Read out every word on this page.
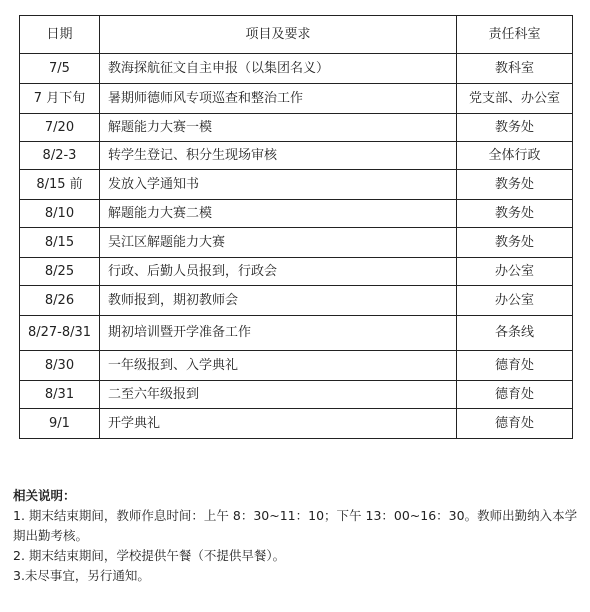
日期	项目及要求	责任科室
7/5	教海探航征文自主申报（以集团名义）	教科室
7 月下旬	暑期师德师风专项巡查和整治工作	党支部、办公室
7/20	解题能力大赛一模	教务处
8/2-3	转学生登记、积分生现场审核	全体行政
8/15 前	发放入学通知书	教务处
8/10	解题能力大赛二模	教务处
8/15	吴江区解题能力大赛	教务处
8/25	行政、后勤人员报到，行政会	办公室
8/26	教师报到，期初教师会	办公室
8/27-8/31	期初培训暨开学准备工作	各条线
8/30	一年级报到、入学典礼	德育处
8/31	二至六年级报到	德育处
9/1	开学典礼	德育处

相关说明：

1. 期末结束期间，教师作息时间：上午 8：30~11：10；下午 13：00~16：30。教师出勤纳入本学期出勤考核。

2. 期末结束期间，学校提供午餐（不提供早餐）。

3.未尽事宜，另行通知。
